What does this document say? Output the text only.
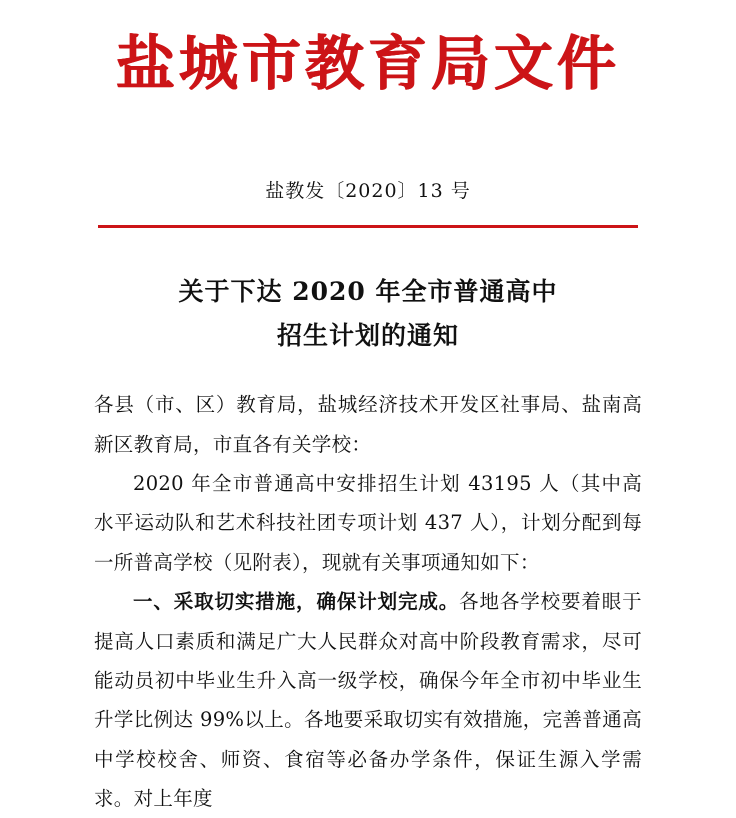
盐城市教育局文件
盐教发〔2020〕13 号
关于下达 2020 年全市普通高中
招生计划的通知

各县（市、区）教育局，盐城经济技术开发区社事局、盐南高新区教育局，市直各有关学校：

2020 年全市普通高中安排招生计划 43195 人（其中高水平运动队和艺术科技社团专项计划 437 人），计划分配到每一所普高学校（见附表），现就有关事项通知如下：

一、采取切实措施，确保计划完成。各地各学校要着眼于提高人口素质和满足广大人民群众对高中阶段教育需求，尽可能动员初中毕业生升入高一级学校，确保今年全市初中毕业生升学比例达 99%以上。各地要采取切实有效措施，完善普通高中学校校舍、师资、食宿等必备办学条件，保证生源入学需求。对上年度
